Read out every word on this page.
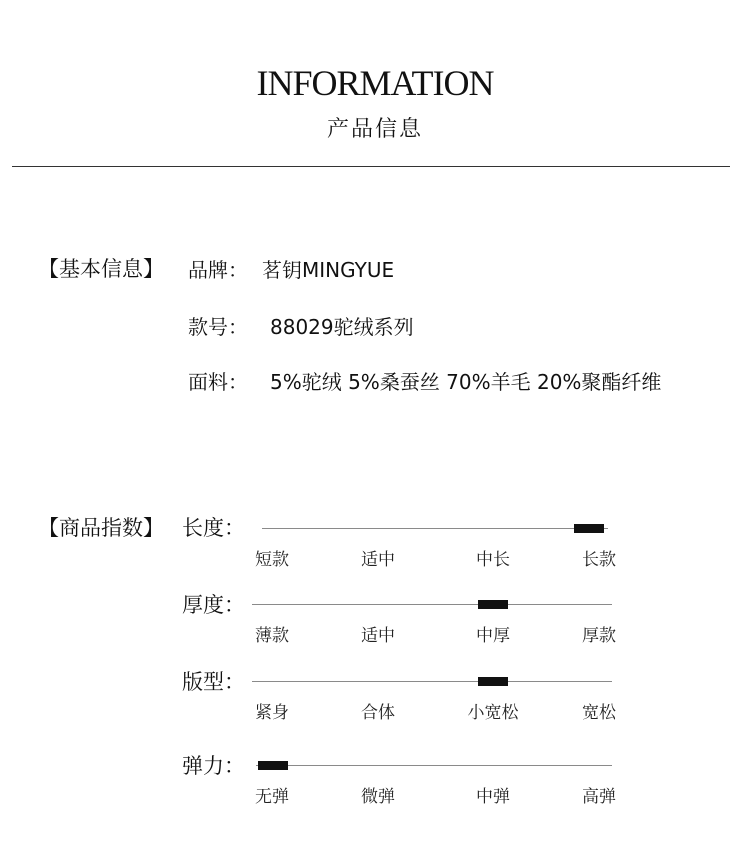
INFORMATION
产品信息
【基本信息】 品牌： 茗钥MINGYUE
款号： 88029驼绒系列
面料： 5%驼绒 5%桑蚕丝 70%羊毛 20%聚酯纤维
【商品指数】 长度：
短款	适中	中长	长款
厚度：
薄款	适中	中厚	厚款
版型：
紧身	合体	小宽松	宽松
弹力：
无弹	微弹	中弹	高弹
